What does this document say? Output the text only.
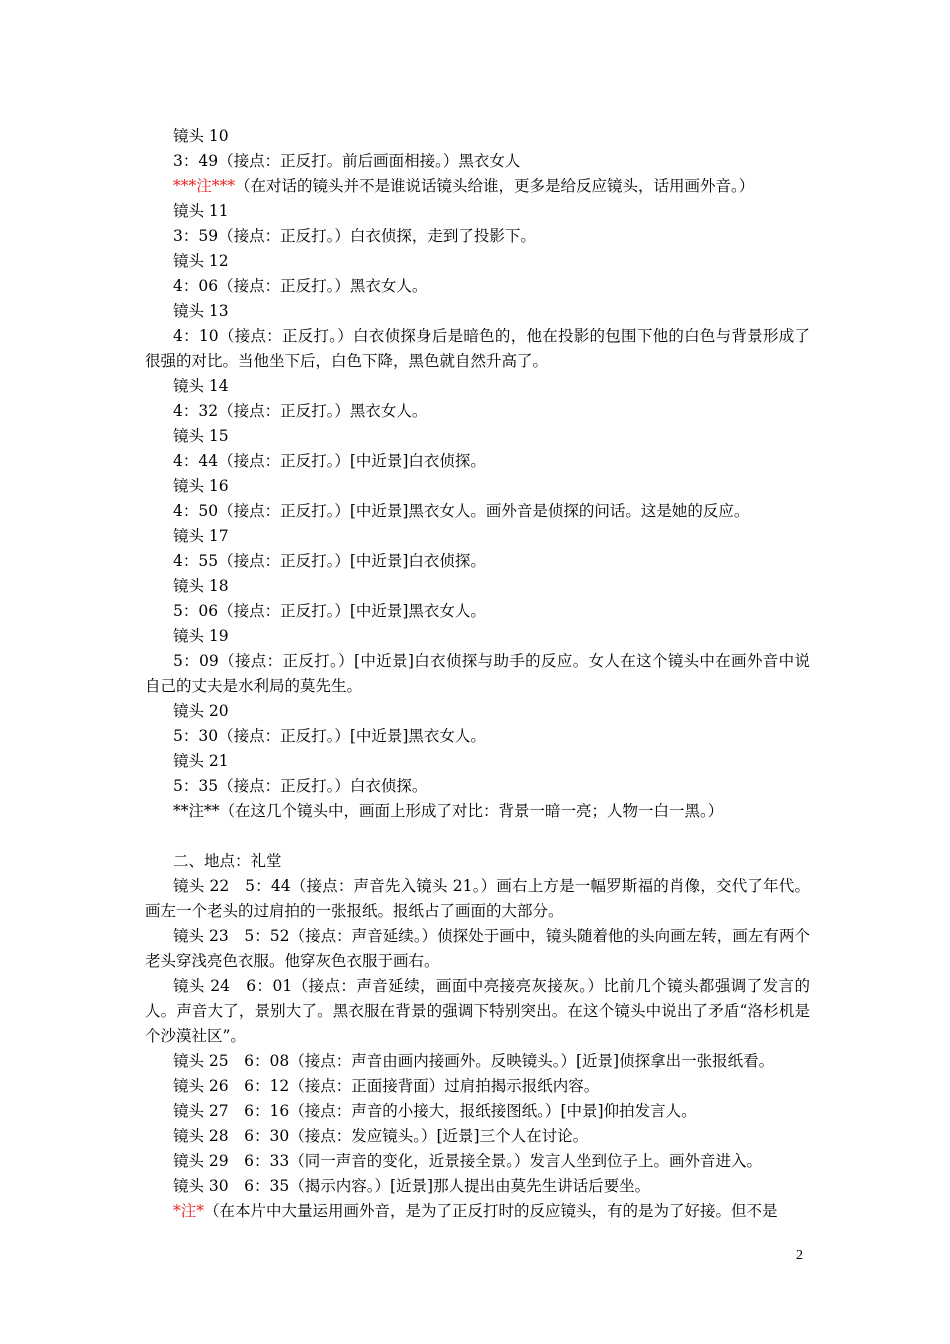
镜头 10
3：49（接点：正反打。前后画面相接。）黑衣女人
***注***（在对话的镜头并不是谁说话镜头给谁，更多是给反应镜头，话用画外音。）
镜头 11
3：59（接点：正反打。）白衣侦探，走到了投影下。
镜头 12
4：06（接点：正反打。）黑衣女人。
镜头 13
4：10（接点：正反打。）白衣侦探身后是暗色的，他在投影的包围下他的白色与背景形成了很强的对比。当他坐下后，白色下降，黑色就自然升高了。
镜头 14
4：32（接点：正反打。）黑衣女人。
镜头 15
4：44（接点：正反打。）[中近景]白衣侦探。
镜头 16
4：50（接点：正反打。）[中近景]黑衣女人。画外音是侦探的问话。这是她的反应。
镜头 17
4：55（接点：正反打。）[中近景]白衣侦探。
镜头 18
5：06（接点：正反打。）[中近景]黑衣女人。
镜头 19
5：09（接点：正反打。）[中近景]白衣侦探与助手的反应。女人在这个镜头中在画外音中说自己的丈夫是水利局的莫先生。
镜头 20
5：30（接点：正反打。）[中近景]黑衣女人。
镜头 21
5：35（接点：正反打。）白衣侦探。
**注**（在这几个镜头中，画面上形成了对比：背景一暗一亮；人物一白一黑。）
二、地点：礼堂
镜头 22　5：44（接点：声音先入镜头 21。）画右上方是一幅罗斯福的肖像，交代了年代。画左一个老头的过肩拍的一张报纸。报纸占了画面的大部分。
镜头 23　5：52（接点：声音延续。）侦探处于画中，镜头随着他的头向画左转，画左有两个老头穿浅亮色衣服。他穿灰色衣服于画右。
镜头 24　6：01（接点：声音延续，画面中亮接亮灰接灰。）比前几个镜头都强调了发言的人。声音大了，景别大了。黑衣服在背景的强调下特别突出。在这个镜头中说出了矛盾“洛杉机是个沙漠社区”。
镜头 25　6：08（接点：声音由画内接画外。反映镜头。）[近景]侦探拿出一张报纸看。
镜头 26　6：12（接点：正面接背面）过肩拍揭示报纸内容。
镜头 27　6：16（接点：声音的小接大，报纸接图纸。）[中景]仰拍发言人。
镜头 28　6：30（接点：发应镜头。）[近景]三个人在讨论。
镜头 29　6：33（同一声音的变化，近景接全景。）发言人坐到位子上。画外音进入。
镜头 30　6：35（揭示内容。）[近景]那人提出由莫先生讲话后要坐。
*注*（在本片中大量运用画外音，是为了正反打时的反应镜头，有的是为了好接。但不是
2
